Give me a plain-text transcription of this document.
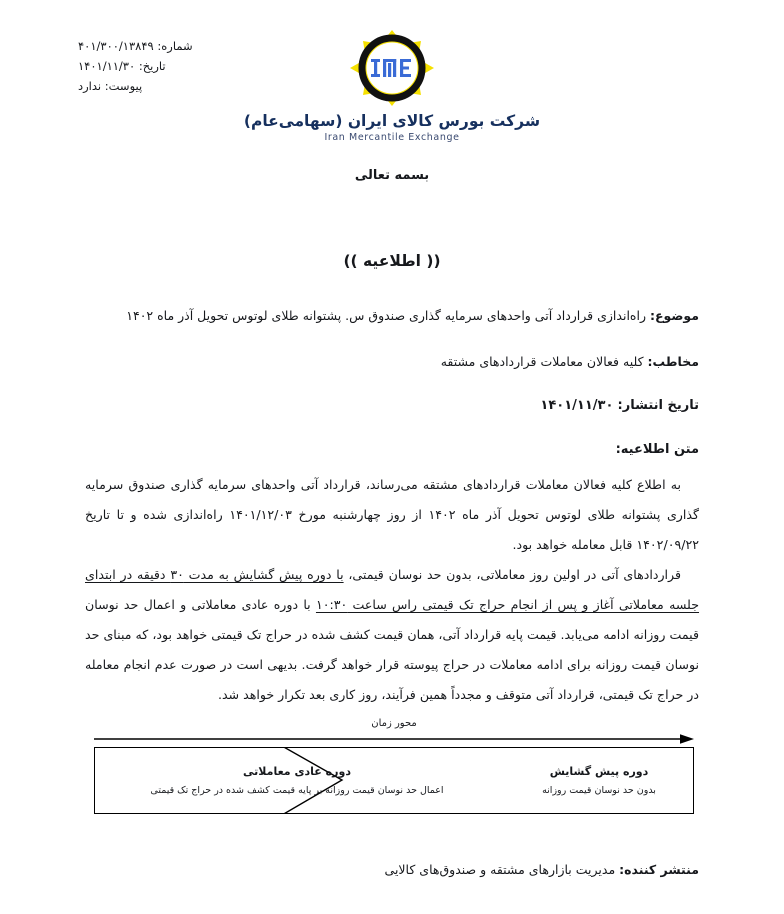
شماره: ۴۰۱/۳۰۰/۱۳۸۴۹
تاریخ: ۱۴۰۱/۱۱/۳۰
پیوست: ندارد
شرکت بورس کالای ایران (سهامی‌عام)
Iran Mercantile Exchange
بسمه تعالی
(( اطلاعیه ))
موضوع: راه‌اندازی قرارداد آتی واحدهای سرمایه گذاری صندوق س. پشتوانه طلای لوتوس تحویل آذر ماه ۱۴۰۲
مخاطب: کلیه فعالان معاملات قراردادهای مشتقه
تاریخ انتشار: ۱۴۰۱/۱۱/۳۰
متن اطلاعیه:
به اطلاع کلیه فعالان معاملات قراردادهای مشتقه می‌رساند، قرارداد آتی واحدهای سرمایه گذاری صندوق سرمایه گذاری پشتوانه طلای لوتوس تحویل آذر ماه ۱۴۰۲ از روز چهارشنبه مورخ ۱۴۰۱/۱۲/۰۳ راه‌اندازی شده و تا تاریخ ۱۴۰۲/۰۹/۲۲ قابل معامله خواهد بود.
قراردادهای آتی در اولین روز معاملاتی، بدون حد نوسان قیمتی، با دوره پیش گشایش به مدت ۳۰ دقیقه در ابتدای جلسه معاملاتی آغاز و پس از انجام حراج تک قیمتی راس ساعت ۱۰:۳۰ با دوره عادی معاملاتی و اعمال حد نوسان قیمت روزانه ادامه می‌یابد. قیمت پایه قرارداد آتی، همان قیمت کشف شده در حراج تک قیمتی خواهد بود، که مبنای حد نوسان قیمت روزانه برای ادامه معاملات در حراج پیوسته قرار خواهد گرفت. بدیهی است در صورت عدم انجام معامله در حراج تک قیمتی، قرارداد آتی متوقف و مجدداً همین فرآیند، روز کاری بعد تکرار خواهد شد.
محور زمان
دوره پیش گشایش
بدون حد نوسان قیمت روزانه
دوره عادی معاملاتی
اعمال حد نوسان قیمت روزانه بر پایه قیمت کشف شده در حراج تک قیمتی
منتشر کننده: مدیریت بازارهای مشتقه و صندوق‌های کالایی
